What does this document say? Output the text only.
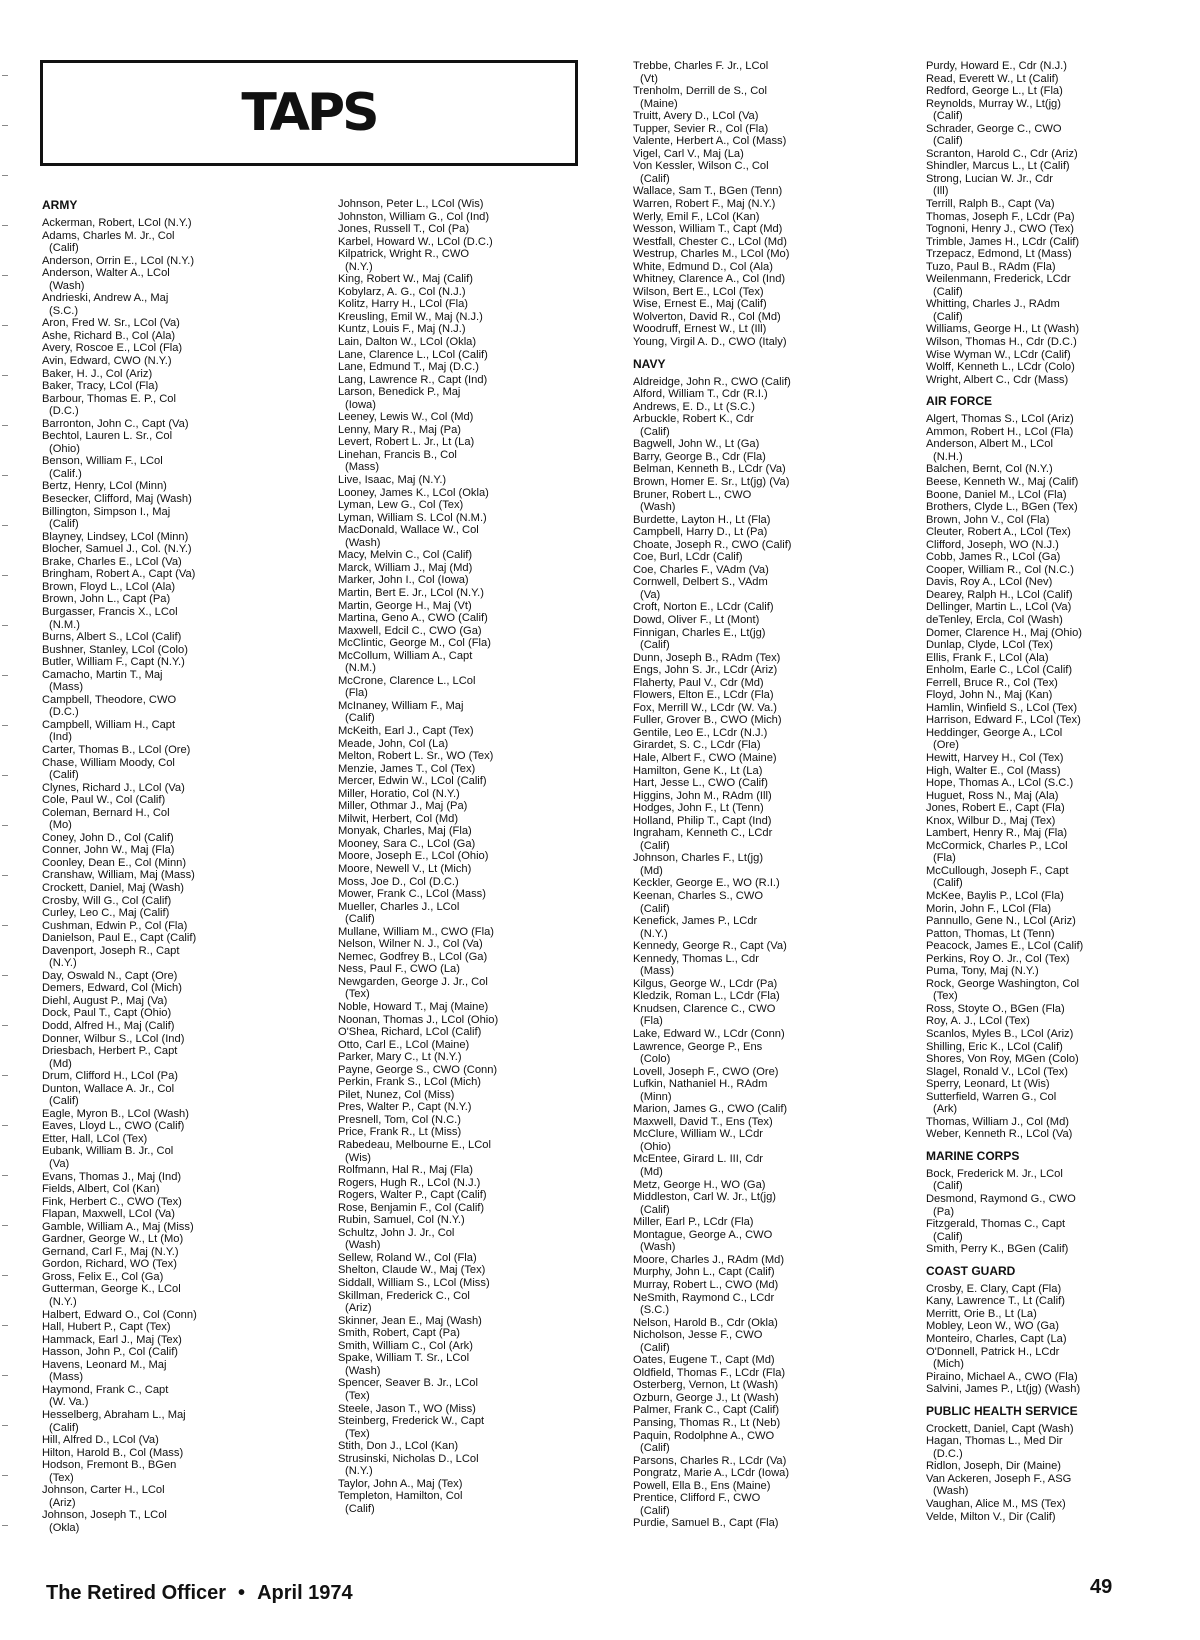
TAPS
ARMY
Ackerman, Robert, LCol (N.Y.)
Adams, Charles M. Jr., Col
(Calif)
Anderson, Orrin E., LCol (N.Y.)
Anderson, Walter A., LCol
(Wash)
Andrieski, Andrew A., Maj
(S.C.)
Aron, Fred W. Sr., LCol (Va)
Ashe, Richard B., Col (Ala)
Avery, Roscoe E., LCol (Fla)
Avin, Edward, CWO (N.Y.)
Baker, H. J., Col (Ariz)
Baker, Tracy, LCol (Fla)
Barbour, Thomas E. P., Col
(D.C.)
Barronton, John C., Capt (Va)
Bechtol, Lauren L. Sr., Col
(Ohio)
Benson, William F., LCol
(Calif.)
Bertz, Henry, LCol (Minn)
Besecker, Clifford, Maj (Wash)
Billington, Simpson I., Maj
(Calif)
Blayney, Lindsey, LCol (Minn)
Blocher, Samuel J., Col. (N.Y.)
Brake, Charles E., LCol (Va)
Bringham, Robert A., Capt (Va)
Brown, Floyd L., LCol (Ala)
Brown, John L., Capt (Pa)
Burgasser, Francis X., LCol
(N.M.)
Burns, Albert S., LCol (Calif)
Bushner, Stanley, LCol (Colo)
Butler, William F., Capt (N.Y.)
Camacho, Martin T., Maj
(Mass)
Campbell, Theodore, CWO
(D.C.)
Campbell, William H., Capt
(Ind)
Carter, Thomas B., LCol (Ore)
Chase, William Moody, Col
(Calif)
Clynes, Richard J., LCol (Va)
Cole, Paul W., Col (Calif)
Coleman, Bernard H., Col
(Mo)
Coney, John D., Col (Calif)
Conner, John W., Maj (Fla)
Coonley, Dean E., Col (Minn)
Cranshaw, William, Maj (Mass)
Crockett, Daniel, Maj (Wash)
Crosby, Will G., Col (Calif)
Curley, Leo C., Maj (Calif)
Cushman, Edwin P., Col (Fla)
Danielson, Paul E., Capt (Calif)
Davenport, Joseph R., Capt
(N.Y.)
Day, Oswald N., Capt (Ore)
Demers, Edward, Col (Mich)
Diehl, August P., Maj (Va)
Dock, Paul T., Capt (Ohio)
Dodd, Alfred H., Maj (Calif)
Donner, Wilbur S., LCol (Ind)
Driesbach, Herbert P., Capt
(Md)
Drum, Clifford H., LCol (Pa)
Dunton, Wallace A. Jr., Col
(Calif)
Eagle, Myron B., LCol (Wash)
Eaves, Lloyd L., CWO (Calif)
Etter, Hall, LCol (Tex)
Eubank, William B. Jr., Col
(Va)
Evans, Thomas J., Maj (Ind)
Fields, Albert, Col (Kan)
Fink, Herbert C., CWO (Tex)
Flapan, Maxwell, LCol (Va)
Gamble, William A., Maj (Miss)
Gardner, George W., Lt (Mo)
Gernand, Carl F., Maj (N.Y.)
Gordon, Richard, WO (Tex)
Gross, Felix E., Col (Ga)
Gutterman, George K., LCol
(N.Y.)
Halbert, Edward O., Col (Conn)
Hall, Hubert P., Capt (Tex)
Hammack, Earl J., Maj (Tex)
Hasson, John P., Col (Calif)
Havens, Leonard M., Maj
(Mass)
Haymond, Frank C., Capt
(W. Va.)
Hesselberg, Abraham L., Maj
(Calif)
Hill, Alfred D., LCol (Va)
Hilton, Harold B., Col (Mass)
Hodson, Fremont B., BGen
(Tex)
Johnson, Carter H., LCol
(Ariz)
Johnson, Joseph T., LCol
(Okla)
Johnson, Peter L., LCol (Wis)
Johnston, William G., Col (Ind)
Jones, Russell T., Col (Pa)
Karbel, Howard W., LCol (D.C.)
Kilpatrick, Wright R., CWO
(N.Y.)
King, Robert W., Maj (Calif)
Kobylarz, A. G., Col (N.J.)
Kolitz, Harry H., LCol (Fla)
Kreusling, Emil W., Maj (N.J.)
Kuntz, Louis F., Maj (N.J.)
Lain, Dalton W., LCol (Okla)
Lane, Clarence L., LCol (Calif)
Lane, Edmund T., Maj (D.C.)
Lang, Lawrence R., Capt (Ind)
Larson, Benedick P., Maj
(Iowa)
Leeney, Lewis W., Col (Md)
Lenny, Mary R., Maj (Pa)
Levert, Robert L. Jr., Lt (La)
Linehan, Francis B., Col
(Mass)
Live, Isaac, Maj (N.Y.)
Looney, James K., LCol (Okla)
Lyman, Lew G., Col (Tex)
Lyman, William S. LCol (N.M.)
MacDonald, Wallace W., Col
(Wash)
Macy, Melvin C., Col (Calif)
Marck, William J., Maj (Md)
Marker, John I., Col (Iowa)
Martin, Bert E. Jr., LCol (N.Y.)
Martin, George H., Maj (Vt)
Martina, Geno A., CWO (Calif)
Maxwell, Edcil C., CWO (Ga)
McClintic, George M., Col (Fla)
McCollum, William A., Capt
(N.M.)
McCrone, Clarence L., LCol
(Fla)
McInaney, William F., Maj
(Calif)
McKeith, Earl J., Capt (Tex)
Meade, John, Col (La)
Melton, Robert L. Sr., WO (Tex)
Menzie, James T., Col (Tex)
Mercer, Edwin W., LCol (Calif)
Miller, Horatio, Col (N.Y.)
Miller, Othmar J., Maj (Pa)
Milwit, Herbert, Col (Md)
Monyak, Charles, Maj (Fla)
Mooney, Sara C., LCol (Ga)
Moore, Joseph E., LCol (Ohio)
Moore, Newell V., Lt (Mich)
Moss, Joe D., Col (D.C.)
Mower, Frank C., LCol (Mass)
Mueller, Charles J., LCol
(Calif)
Mullane, William M., CWO (Fla)
Nelson, Wilner N. J., Col (Va)
Nemec, Godfrey B., LCol (Ga)
Ness, Paul F., CWO (La)
Newgarden, George J. Jr., Col
(Tex)
Noble, Howard T., Maj (Maine)
Noonan, Thomas J., LCol (Ohio)
O'Shea, Richard, LCol (Calif)
Otto, Carl E., LCol (Maine)
Parker, Mary C., Lt (N.Y.)
Payne, George S., CWO (Conn)
Perkin, Frank S., LCol (Mich)
Pilet, Nunez, Col (Miss)
Pres, Walter P., Capt (N.Y.)
Presnell, Tom, Col (N.C.)
Price, Frank R., Lt (Miss)
Rabedeau, Melbourne E., LCol
(Wis)
Rolfmann, Hal R., Maj (Fla)
Rogers, Hugh R., LCol (N.J.)
Rogers, Walter P., Capt (Calif)
Rose, Benjamin F., Col (Calif)
Rubin, Samuel, Col (N.Y.)
Schultz, John J. Jr., Col
(Wash)
Sellew, Roland W., Col (Fla)
Shelton, Claude W., Maj (Tex)
Siddall, William S., LCol (Miss)
Skillman, Frederick C., Col
(Ariz)
Skinner, Jean E., Maj (Wash)
Smith, Robert, Capt (Pa)
Smith, William C., Col (Ark)
Spake, William T. Sr., LCol
(Wash)
Spencer, Seaver B. Jr., LCol
(Tex)
Steele, Jason T., WO (Miss)
Steinberg, Frederick W., Capt
(Tex)
Stith, Don J., LCol (Kan)
Strusinski, Nicholas D., LCol
(N.Y.)
Taylor, John A., Maj (Tex)
Templeton, Hamilton, Col
(Calif)
Trebbe, Charles F. Jr., LCol
(Vt)
Trenholm, Derrill de S., Col
(Maine)
Truitt, Avery D., LCol (Va)
Tupper, Sevier R., Col (Fla)
Valente, Herbert A., Col (Mass)
Vigel, Carl V., Maj (La)
Von Kessler, Wilson C., Col
(Calif)
Wallace, Sam T., BGen (Tenn)
Warren, Robert F., Maj (N.Y.)
Werly, Emil F., LCol (Kan)
Wesson, William T., Capt (Md)
Westfall, Chester C., LCol (Md)
Westrup, Charles M., LCol (Mo)
White, Edmund D., Col (Ala)
Whitney, Clarence A., Col (Ind)
Wilson, Bert E., LCol (Tex)
Wise, Ernest E., Maj (Calif)
Wolverton, David R., Col (Md)
Woodruff, Ernest W., Lt (Ill)
Young, Virgil A. D., CWO (Italy)
NAVY
Aldreidge, John R., CWO (Calif)
Alford, William T., Cdr (R.I.)
Andrews, E. D., Lt (S.C.)
Arbuckle, Robert K., Cdr
(Calif)
Bagwell, John W., Lt (Ga)
Barry, George B., Cdr (Fla)
Belman, Kenneth B., LCdr (Va)
Brown, Homer E. Sr., Lt(jg) (Va)
Bruner, Robert L., CWO
(Wash)
Burdette, Layton H., Lt (Fla)
Campbell, Harry D., Lt (Pa)
Choate, Joseph R., CWO (Calif)
Coe, Burl, LCdr (Calif)
Coe, Charles F., VAdm (Va)
Cornwell, Delbert S., VAdm
(Va)
Croft, Norton E., LCdr (Calif)
Dowd, Oliver F., Lt (Mont)
Finnigan, Charles E., Lt(jg)
(Calif)
Dunn, Joseph B., RAdm (Tex)
Engs, John S. Jr., LCdr (Ariz)
Flaherty, Paul V., Cdr (Md)
Flowers, Elton E., LCdr (Fla)
Fox, Merrill W., LCdr (W. Va.)
Fuller, Grover B., CWO (Mich)
Gentile, Leo E., LCdr (N.J.)
Girardet, S. C., LCdr (Fla)
Hale, Albert F., CWO (Maine)
Hamilton, Gene K., Lt (La)
Hart, Jesse L., CWO (Calif)
Higgins, John M., RAdm (Ill)
Hodges, John F., Lt (Tenn)
Holland, Philip T., Capt (Ind)
Ingraham, Kenneth C., LCdr
(Calif)
Johnson, Charles F., Lt(jg)
(Md)
Keckler, George E., WO (R.I.)
Keenan, Charles S., CWO
(Calif)
Kenefick, James P., LCdr
(N.Y.)
Kennedy, George R., Capt (Va)
Kennedy, Thomas L., Cdr
(Mass)
Kilgus, George W., LCdr (Pa)
Kledzik, Roman L., LCdr (Fla)
Knudsen, Clarence C., CWO
(Fla)
Lake, Edward W., LCdr (Conn)
Lawrence, George P., Ens
(Colo)
Lovell, Joseph F., CWO (Ore)
Lufkin, Nathaniel H., RAdm
(Minn)
Marion, James G., CWO (Calif)
Maxwell, David T., Ens (Tex)
McClure, William W., LCdr
(Ohio)
McEntee, Girard L. III, Cdr
(Md)
Metz, George H., WO (Ga)
Middleston, Carl W. Jr., Lt(jg)
(Calif)
Miller, Earl P., LCdr (Fla)
Montague, George A., CWO
(Wash)
Moore, Charles J., RAdm (Md)
Murphy, John L., Capt (Calif)
Murray, Robert L., CWO (Md)
NeSmith, Raymond C., LCdr
(S.C.)
Nelson, Harold B., Cdr (Okla)
Nicholson, Jesse F., CWO
(Calif)
Oates, Eugene T., Capt (Md)
Oldfield, Thomas F., LCdr (Fla)
Osterberg, Vernon, Lt (Wash)
Ozburn, George J., Lt (Wash)
Palmer, Frank C., Capt (Calif)
Pansing, Thomas R., Lt (Neb)
Paquin, Rodolphne A., CWO
(Calif)
Parsons, Charles R., LCdr (Va)
Pongratz, Marie A., LCdr (Iowa)
Powell, Ella B., Ens (Maine)
Prentice, Clifford F., CWO
(Calif)
Purdie, Samuel B., Capt (Fla)
Purdy, Howard E., Cdr (N.J.)
Read, Everett W., Lt (Calif)
Redford, George L., Lt (Fla)
Reynolds, Murray W., Lt(jg)
(Calif)
Schrader, George C., CWO
(Calif)
Scranton, Harold C., Cdr (Ariz)
Shindler, Marcus L., Lt (Calif)
Strong, Lucian W. Jr., Cdr
(Ill)
Terrill, Ralph B., Capt (Va)
Thomas, Joseph F., LCdr (Pa)
Tognoni, Henry J., CWO (Tex)
Trimble, James H., LCdr (Calif)
Trzepacz, Edmond, Lt (Mass)
Tuzo, Paul B., RAdm (Fla)
Weilenmann, Frederick, LCdr
(Calif)
Whitting, Charles J., RAdm
(Calif)
Williams, George H., Lt (Wash)
Wilson, Thomas H., Cdr (D.C.)
Wise Wyman W., LCdr (Calif)
Wolff, Kenneth L., LCdr (Colo)
Wright, Albert C., Cdr (Mass)
AIR FORCE
Algert, Thomas S., LCol (Ariz)
Ammon, Robert H., LCol (Fla)
Anderson, Albert M., LCol
(N.H.)
Balchen, Bernt, Col (N.Y.)
Beese, Kenneth W., Maj (Calif)
Boone, Daniel M., LCol (Fla)
Brothers, Clyde L., BGen (Tex)
Brown, John V., Col (Fla)
Cleuter, Robert A., LCol (Tex)
Clifford, Joseph, WO (N.J.)
Cobb, James R., LCol (Ga)
Cooper, William R., Col (N.C.)
Davis, Roy A., LCol (Nev)
Dearey, Ralph H., LCol (Calif)
Dellinger, Martin L., LCol (Va)
deTenley, Ercla, Col (Wash)
Domer, Clarence H., Maj (Ohio)
Dunlap, Clyde, LCol (Tex)
Ellis, Frank F., LCol (Ala)
Enholm, Earle C., LCol (Calif)
Ferrell, Bruce R., Col (Tex)
Floyd, John N., Maj (Kan)
Hamlin, Winfield S., LCol (Tex)
Harrison, Edward F., LCol (Tex)
Heddinger, George A., LCol
(Ore)
Hewitt, Harvey H., Col (Tex)
High, Walter E., Col (Mass)
Hope, Thomas A., LCol (S.C.)
Huguet, Ross N., Maj (Ala)
Jones, Robert E., Capt (Fla)
Knox, Wilbur D., Maj (Tex)
Lambert, Henry R., Maj (Fla)
McCormick, Charles P., LCol
(Fla)
McCullough, Joseph F., Capt
(Calif)
McKee, Baylis P., LCol (Fla)
Morin, John F., LCol (Fla)
Pannullo, Gene N., LCol (Ariz)
Patton, Thomas, Lt (Tenn)
Peacock, James E., LCol (Calif)
Perkins, Roy O. Jr., Col (Tex)
Puma, Tony, Maj (N.Y.)
Rock, George Washington, Col
(Tex)
Ross, Stoyte O., BGen (Fla)
Roy, A. J., LCol (Tex)
Scanlos, Myles B., LCol (Ariz)
Shilling, Eric K., LCol (Calif)
Shores, Von Roy, MGen (Colo)
Slagel, Ronald V., LCol (Tex)
Sperry, Leonard, Lt (Wis)
Sutterfield, Warren G., Col
(Ark)
Thomas, William J., Col (Md)
Weber, Kenneth R., LCol (Va)
MARINE CORPS
Bock, Frederick M. Jr., LCol
(Calif)
Desmond, Raymond G., CWO
(Pa)
Fitzgerald, Thomas C., Capt
(Calif)
Smith, Perry K., BGen (Calif)
COAST GUARD
Crosby, E. Clary, Capt (Fla)
Kany, Lawrence T., Lt (Calif)
Merritt, Orie B., Lt (La)
Mobley, Leon W., WO (Ga)
Monteiro, Charles, Capt (La)
O'Donnell, Patrick H., LCdr
(Mich)
Piraino, Michael A., CWO (Fla)
Salvini, James P., Lt(jg) (Wash)
PUBLIC HEALTH SERVICE
Crockett, Daniel, Capt (Wash)
Hagan, Thomas L., Med Dir
(D.C.)
Ridlon, Joseph, Dir (Maine)
Van Ackeren, Joseph F., ASG
(Wash)
Vaughan, Alice M., MS (Tex)
Velde, Milton V., Dir (Calif)
The Retired Officer • April 1974	49
